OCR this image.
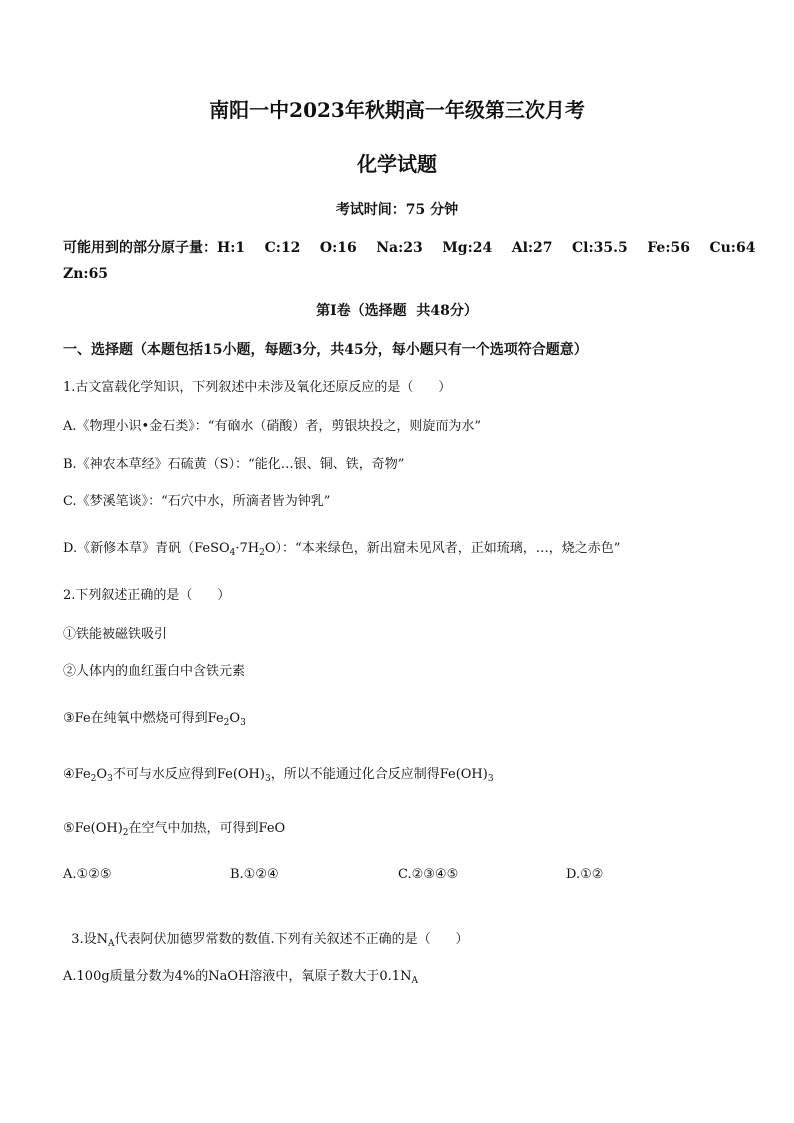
南阳一中2023年秋期高一年级第三次月考
化学试题
考试时间：75 分钟
可能用到的部分原子量：H:1    C:12    O:16    Na:23    Mg:24    Al:27    Cl:35.5    Fe:56    Cu:64
Zn:65
第Ⅰ卷（选择题  共48分）
一、选择题（本题包括15小题，每题3分，共45分，每小题只有一个选项符合题意）
1.古文富载化学知识，下列叙述中未涉及氧化还原反应的是（      ）
A.《物理小识•金石类》：“有硇水（硝酸）者，剪银块投之，则旋而为水”
B.《神农本草经》石硫黄（S）：“能化…银、铜、铁，奇物”
C.《梦溪笔谈》：“石穴中水，所滴者皆为钟乳”
D.《新修本草》青矾$(FeSO_4\cdot 7H_2O)$：“本来绿色，新出窟未见风者，正如琉璃，…，烧之赤色”
2.下列叙述正确的是（      ）
①铁能被磁铁吸引
②人体内的血红蛋白中含铁元素
③Fe在纯氧中燃烧可得到$Fe_2O_3$
$④Fe_2O_3$不可与水反应得到$Fe(OH)_3$，所以不能通过化合反应制得$Fe(OH)_3$
$⑤Fe(OH)_2$在空气中加热，可得到FeO
A.①②⑤	B.①②④	C.②③④⑤	D.①②

3.设$N_A$代表阿伏加德罗常数的数值.下列有关叙述不正确的是（      ）

A.100g质量分数为4%的NaOH溶液中，氧原子数大于$0.1N_A$
